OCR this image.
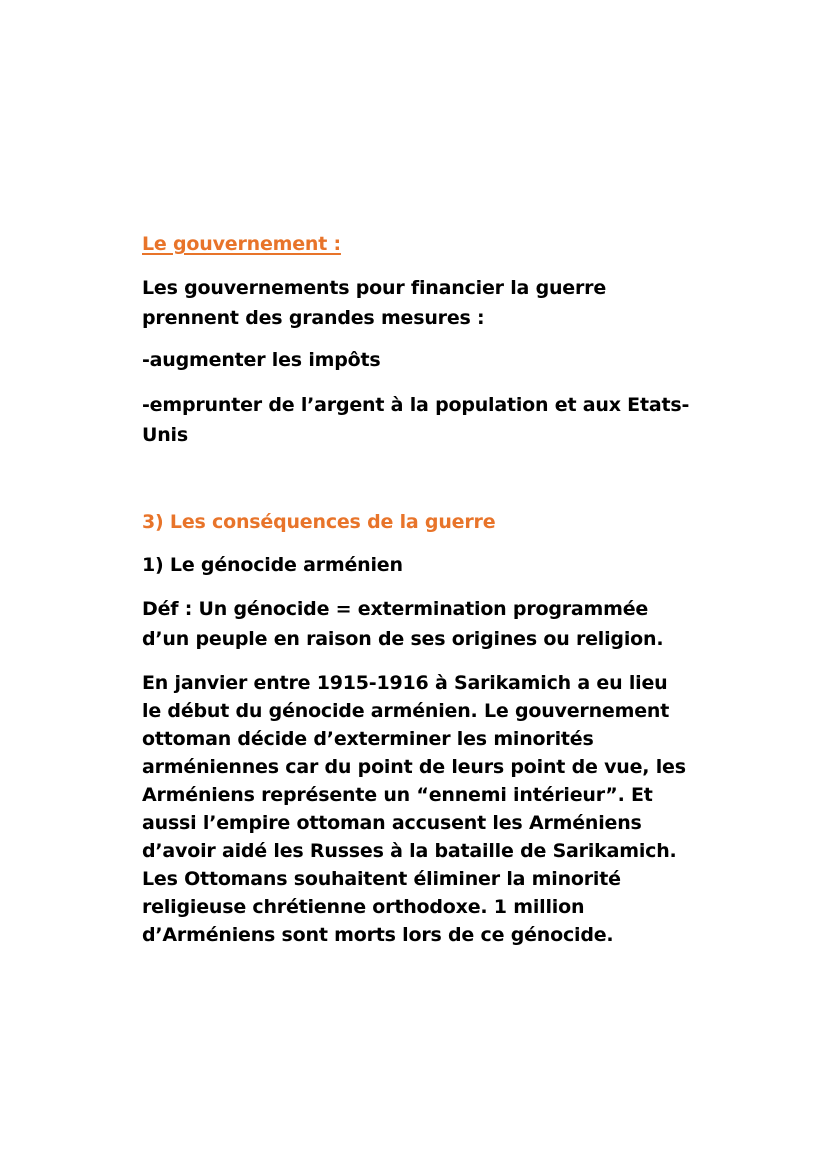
Le gouvernement :
Les gouvernements pour financier la guerre
prennent des grandes mesures :
-augmenter les impôts
-emprunter de l’argent à la population et aux Etats-
Unis
3) Les conséquences de la guerre
1) Le génocide arménien
Déf : Un génocide = extermination programmée
d’un peuple en raison de ses origines ou religion.
En janvier entre 1915-1916 à Sarikamich a eu lieu
le début du génocide arménien. Le gouvernement
ottoman décide d’exterminer les minorités
arméniennes car du point de leurs point de vue, les
Arméniens représente un “ennemi intérieur”. Et
aussi l’empire ottoman accusent les Arméniens
d’avoir aidé les Russes à la bataille de Sarikamich.
Les Ottomans souhaitent éliminer la minorité
religieuse chrétienne orthodoxe. 1 million
d’Arméniens sont morts lors de ce génocide.
